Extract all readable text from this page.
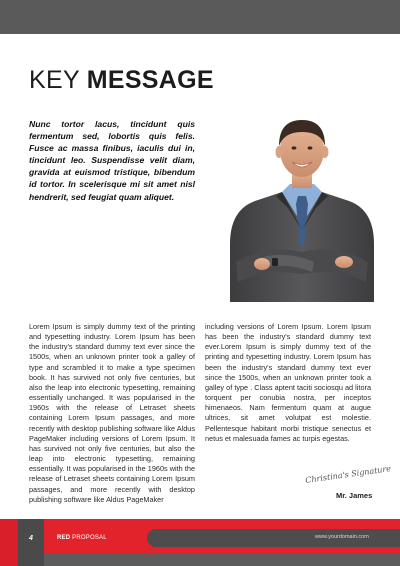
KEY MESSAGE

Nunc tortor lacus, tincidunt quis fermentum sed, lobortis quis felis. Fusce ac massa finibus, iaculis dui in, tincidunt leo. Suspendisse velit diam, gravida at euismod tristique, bibendum id tortor. In scelerisque mi sit amet nisl hendrerit, sed feugiat quam aliquet.

Lorem Ipsum is simply dummy text of the printing and typesetting industry. Lorem Ipsum has been the industry's standard dummy text ever since the 1500s, when an unknown printer took a galley of type and scrambled it to make a type specimen book. It has survived not only five centuries, but also the leap into electronic typesetting, remaining essentially unchanged. It was popularised in the 1960s with the release of Letraset sheets containing Lorem Ipsum passages, and more recently with desktop publishing software like Aldus PageMaker including versions of Lorem Ipsum. It has survived not only five centuries, but also the leap into electronic typesetting, remaining essentially. It was popularised in the 1960s with the release of Letraset sheets containing Lorem Ipsum passages, and more recently with desktop publishing software like Aldus PageMaker

including versions of Lorem Ipsum. Lorem Ipsum has been the industry's standard dummy text ever.Lorem Ipsum is simply dummy text of the printing and typesetting industry. Lorem Ipsum has been the industry's standard dummy text ever since the 1500s, when an unknown printer took a galley of type . Class aptent taciti sociosqu ad litora torquent per conubia nostra, per inceptos himenaeos. Nam fermentum quam at augue ultrices, sit amet volutpat est molestie. Pellentesque habitant morbi tristique senectus et netus et malesuada fames ac turpis egestas.

Christina's Signature
Mr. James
4	RED PROPOSAL	www.yourdomain.com
